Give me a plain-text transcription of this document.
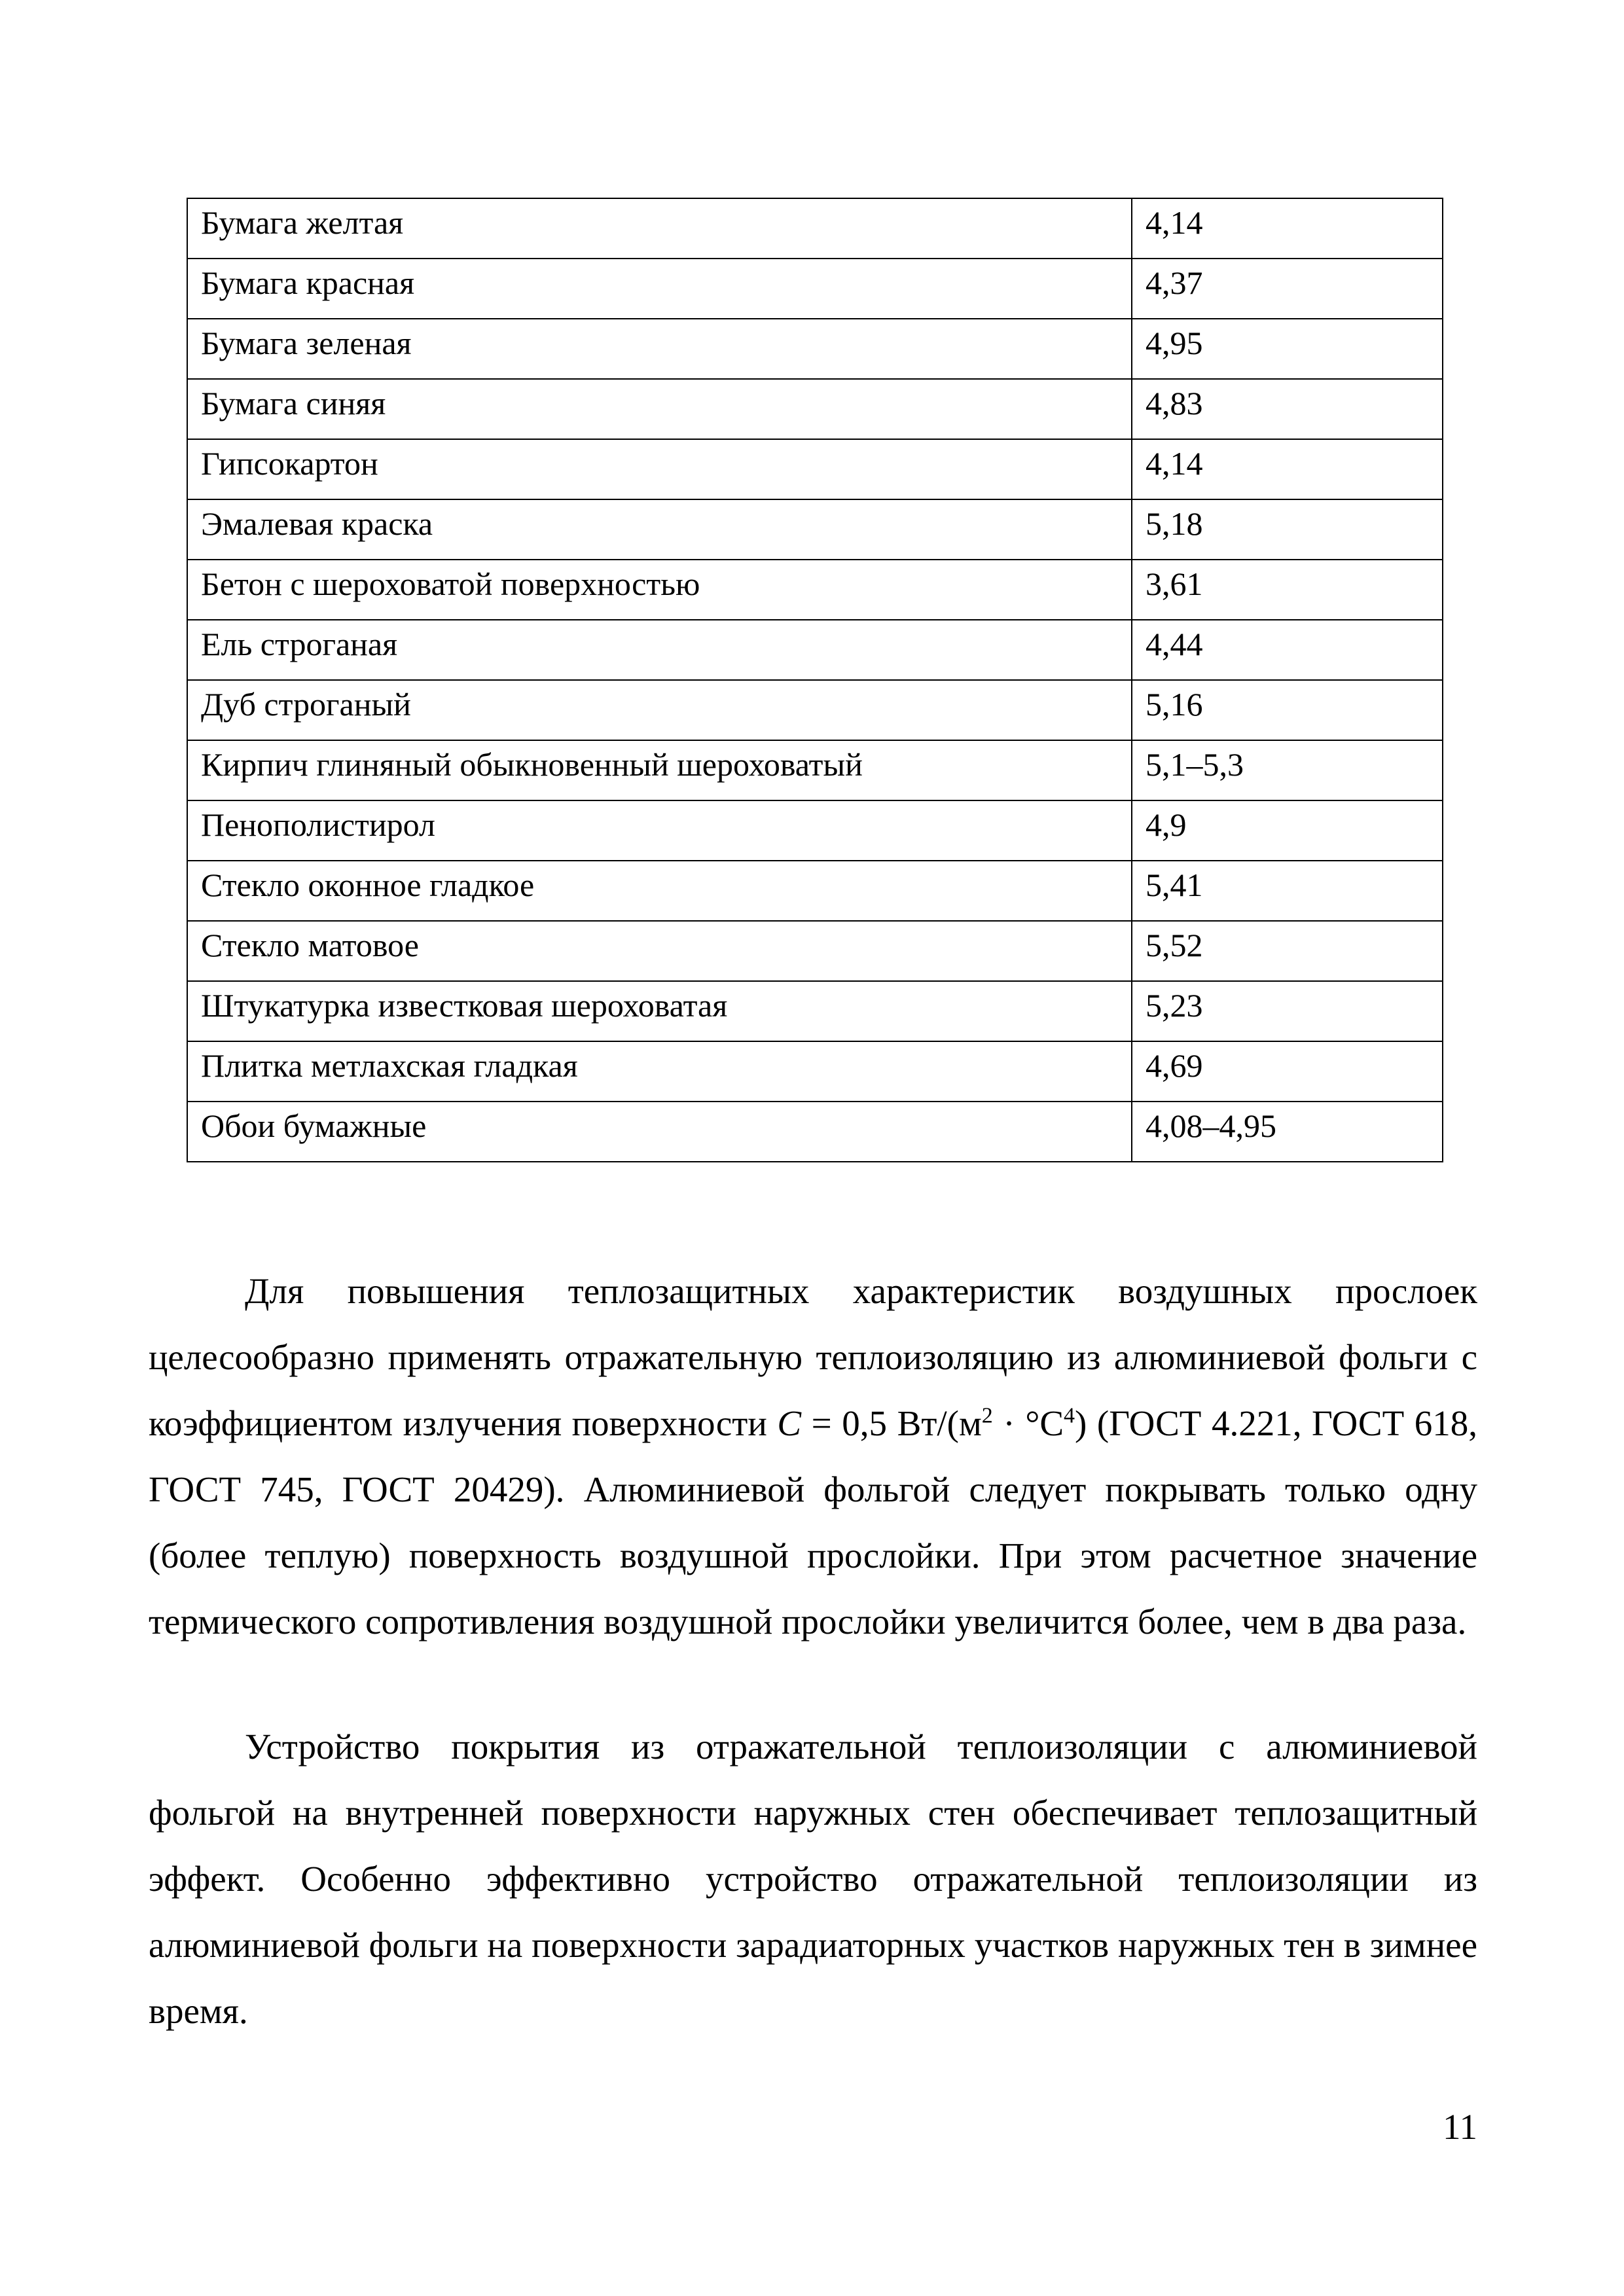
Бумага желтая	4,14
Бумага красная	4,37
Бумага зеленая	4,95
Бумага синяя	4,83
Гипсокартон	4,14
Эмалевая краска	5,18
Бетон с шероховатой поверхностью	3,61
Ель строганая	4,44
Дуб строганый	5,16
Кирпич глиняный обыкновенный шероховатый	5,1–5,3
Пенополистирол	4,9
Стекло оконное гладкое	5,41
Стекло матовое	5,52
Штукатурка известковая шероховатая	5,23
Плитка метлахская гладкая	4,69
Обои бумажные	4,08–4,95

Для повышения теплозащитных характеристик воздушных прослоек целесообразно применять отражательную теплоизоляцию из алюминиевой фольги с коэффициентом излучения поверхности С = 0,5 $Вт/(м^2 \cdot ^\circ С^4)$ (ГОСТ 4.221, ГОСТ 618, ГОСТ 745, ГОСТ 20429). Алюминиевой фольгой следует покрывать только одну (более теплую) поверхность воздушной прослойки. При этом расчетное значение термического сопротивления воздушной прослойки увеличится более, чем в два раза.

Устройство покрытия из отражательной теплоизоляции с алюминиевой фольгой на внутренней поверхности наружных стен обеспечивает теплозащитный эффект. Особенно эффективно устройство отражательной теплоизоляции из алюминиевой фольги на поверхности зарадиаторных участков наружных тен в зимнее время.

11
